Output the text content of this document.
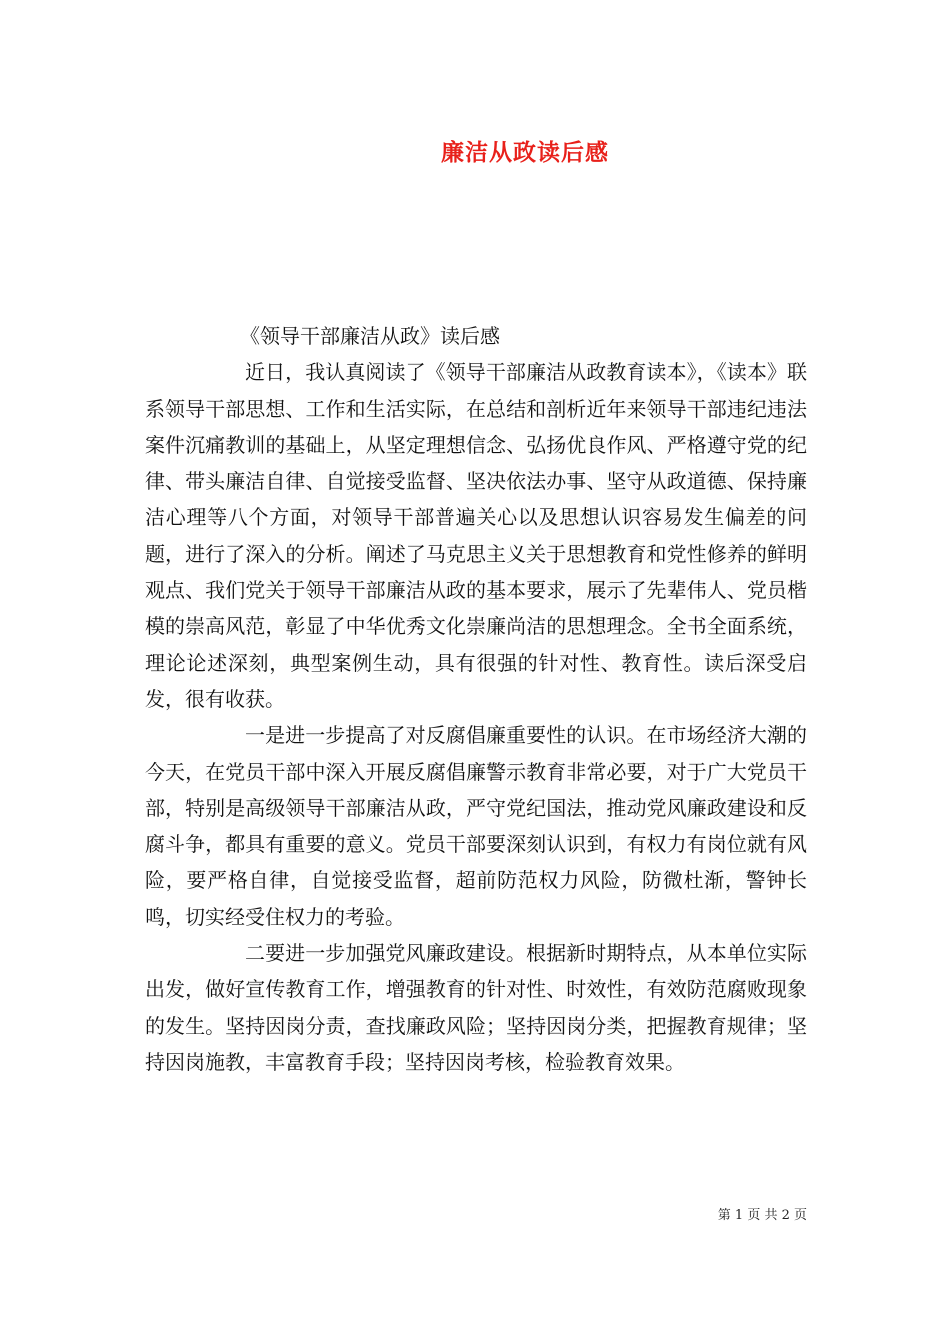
廉洁从政读后感

《领导干部廉洁从政》读后感

近日，我认真阅读了《领导干部廉洁从政教育读本》，《读本》联系领导干部思想、工作和生活实际，在总结和剖析近年来领导干部违纪违法案件沉痛教训的基础上，从坚定理想信念、弘扬优良作风、严格遵守党的纪律、带头廉洁自律、自觉接受监督、坚决依法办事、坚守从政道德、保持廉洁心理等八个方面，对领导干部普遍关心以及思想认识容易发生偏差的问题，进行了深入的分析。阐述了马克思主义关于思想教育和党性修养的鲜明观点、我们党关于领导干部廉洁从政的基本要求，展示了先辈伟人、党员楷模的崇高风范，彰显了中华优秀文化崇廉尚洁的思想理念。全书全面系统，理论论述深刻，典型案例生动，具有很强的针对性、教育性。读后深受启发，很有收获。

一是进一步提高了对反腐倡廉重要性的认识。在市场经济大潮的今天，在党员干部中深入开展反腐倡廉警示教育非常必要，对于广大党员干部，特别是高级领导干部廉洁从政，严守党纪国法，推动党风廉政建设和反腐斗争，都具有重要的意义。党员干部要深刻认识到，有权力有岗位就有风险，要严格自律，自觉接受监督，超前防范权力风险，防微杜渐，警钟长鸣，切实经受住权力的考验。

二要进一步加强党风廉政建设。根据新时期特点，从本单位实际出发，做好宣传教育工作，增强教育的针对性、时效性，有效防范腐败现象的发生。坚持因岗分责，查找廉政风险；坚持因岗分类，把握教育规律；坚持因岗施教，丰富教育手段；坚持因岗考核，检验教育效果。

第 1 页 共 2 页
